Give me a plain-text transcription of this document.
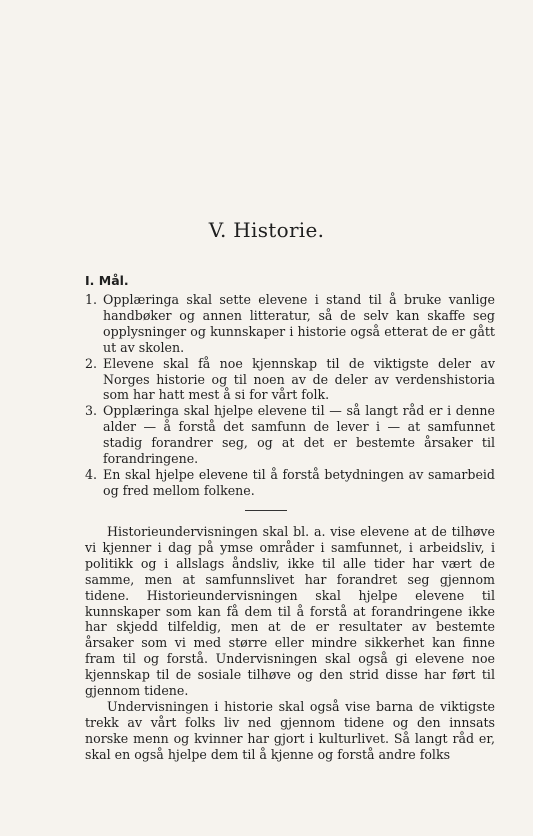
V. Historie.
I. Mål.
1. Opplæringa skal sette elevene i stand til å bruke vanlige handbøker og annen litteratur, så de selv kan skaffe seg opplysninger og kunnskaper i historie også etterat de er gått ut av skolen.
2. Elevene skal få noe kjennskap til de viktigste deler av Norges historie og til noen av de deler av verdenshistoria som har hatt mest å si for vårt folk.
3. Opplæringa skal hjelpe elevene til — så langt råd er i denne alder — å forstå det samfunn de lever i — at samfunnet stadig forandrer seg, og at det er bestemte årsaker til forandringene.
4. En skal hjelpe elevene til å forstå betydningen av samarbeid og fred mellom folkene.

Historieundervisningen skal bl. a. vise elevene at de tilhøve vi kjenner i dag på ymse områder i samfunnet, i arbeidsliv, i politikk og i allslags åndsliv, ikke til alle tider har vært de samme, men at samfunnslivet har forandret seg gjennom tidene. Historieundervisningen skal hjelpe elevene til kunnskaper som kan få dem til å forstå at forandringene ikke har skjedd tilfeldig, men at de er resultater av bestemte årsaker som vi med større eller mindre sikkerhet kan finne fram til og forstå. Undervisningen skal også gi elevene noe kjennskap til de sosiale tilhøve og den strid disse har ført til gjennom tidene.

Undervisningen i historie skal også vise barna de viktigste trekk av vårt folks liv ned gjennom tidene og den innsats norske menn og kvinner har gjort i kulturlivet. Så langt råd er, skal en også hjelpe dem til å kjenne og forstå andre folks
